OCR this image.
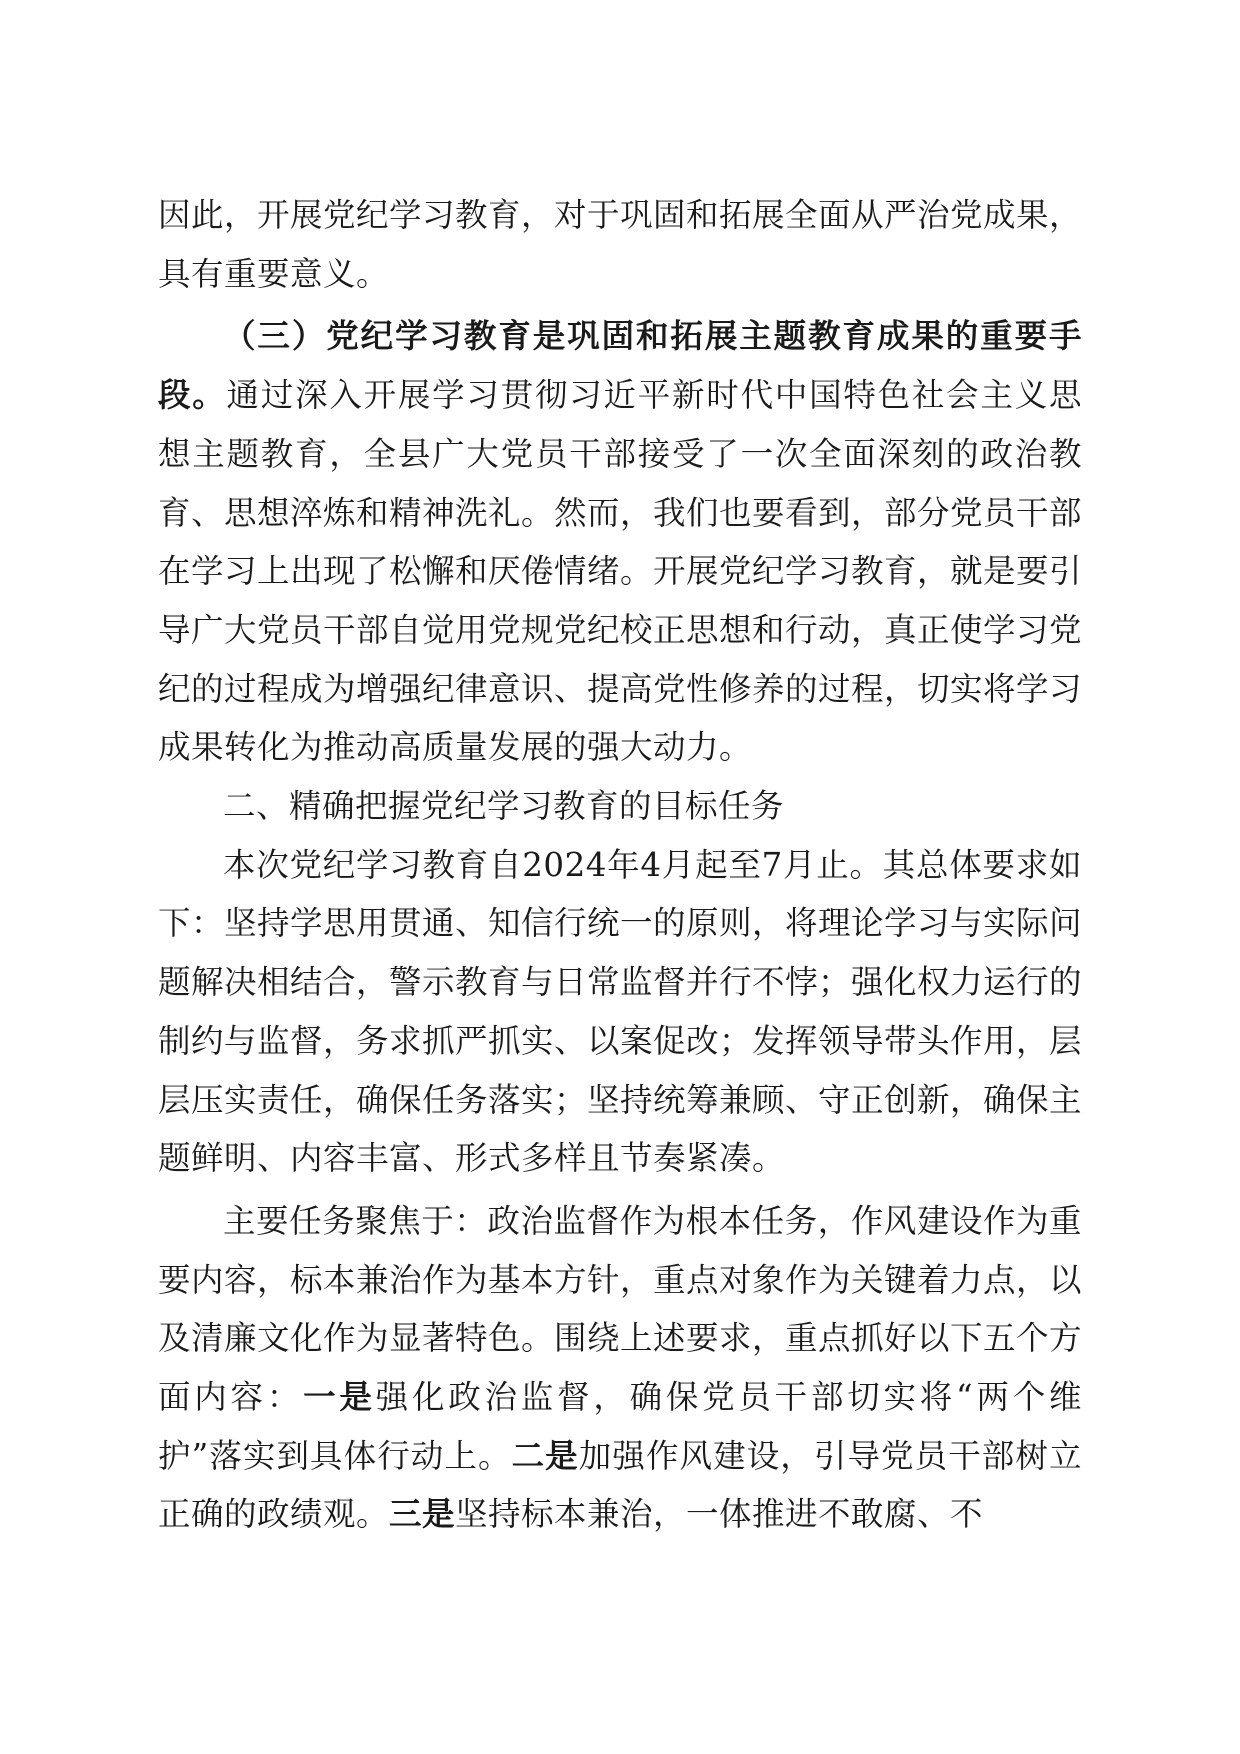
因此，开展党纪学习教育，对于巩固和拓展全面从严治党成果，具有重要意义。

（三）党纪学习教育是巩固和拓展主题教育成果的重要手段。通过深入开展学习贯彻习近平新时代中国特色社会主义思想主题教育，全县广大党员干部接受了一次全面深刻的政治教育、思想淬炼和精神洗礼。然而，我们也要看到，部分党员干部在学习上出现了松懈和厌倦情绪。开展党纪学习教育，就是要引导广大党员干部自觉用党规党纪校正思想和行动，真正使学习党纪的过程成为增强纪律意识、提高党性修养的过程，切实将学习成果转化为推动高质量发展的强大动力。

二、精确把握党纪学习教育的目标任务

本次党纪学习教育自2024年4月起至7月止。其总体要求如下：坚持学思用贯通、知信行统一的原则，将理论学习与实际问题解决相结合，警示教育与日常监督并行不悖；强化权力运行的制约与监督，务求抓严抓实、以案促改；发挥领导带头作用，层层压实责任，确保任务落实；坚持统筹兼顾、守正创新，确保主题鲜明、内容丰富、形式多样且节奏紧凑。

主要任务聚焦于：政治监督作为根本任务，作风建设作为重要内容，标本兼治作为基本方针，重点对象作为关键着力点，以及清廉文化作为显著特色。围绕上述要求，重点抓好以下五个方面内容：一是强化政治监督，确保党员干部切实将“两个维护”落实到具体行动上。二是加强作风建设，引导党员干部树立正确的政绩观。三是坚持标本兼治，一体推进不敢腐、不
